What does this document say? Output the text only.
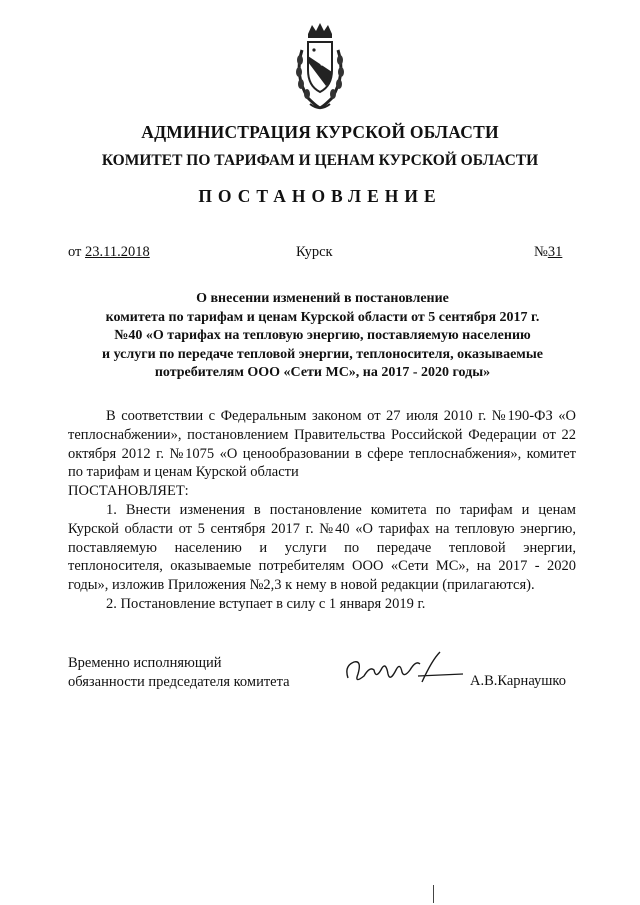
АДМИНИСТРАЦИЯ КУРСКОЙ ОБЛАСТИ
КОМИТЕТ ПО ТАРИФАМ И ЦЕНАМ КУРСКОЙ ОБЛАСТИ
ПОСТАНОВЛЕНИЕ
от 23.11.2018	Курск	№31
О внесении изменений в постановление
комитета по тарифам и ценам Курской области от 5 сентября 2017 г.
№40 «О тарифах на тепловую энергию, поставляемую населению
и услуги по передаче тепловой энергии, теплоносителя, оказываемые
потребителям ООО «Сети МС», на 2017 - 2020 годы»

В соответствии с Федеральным законом от 27 июля 2010 г. №190-ФЗ «О теплоснабжении», постановлением Правительства Российской Федерации от 22 октября 2012 г. №1075 «О ценообразовании в сфере теплоснабжения», комитет по тарифам и ценам Курской области

ПОСТАНОВЛЯЕТ:

1. Внести изменения в постановление комитета по тарифам и ценам Курской области от 5 сентября 2017 г. №40 «О тарифах на тепловую энергию, поставляемую населению и услуги по передаче тепловой энергии, теплоносителя, оказываемые потребителям ООО «Сети МС», на 2017 - 2020 годы», изложив Приложения №2,3 к нему в новой редакции (прилагаются).

2. Постановление вступает в силу с 1 января 2019 г.

Временно исполняющий
обязанности председателя комитета	А.В.Карнаушко
